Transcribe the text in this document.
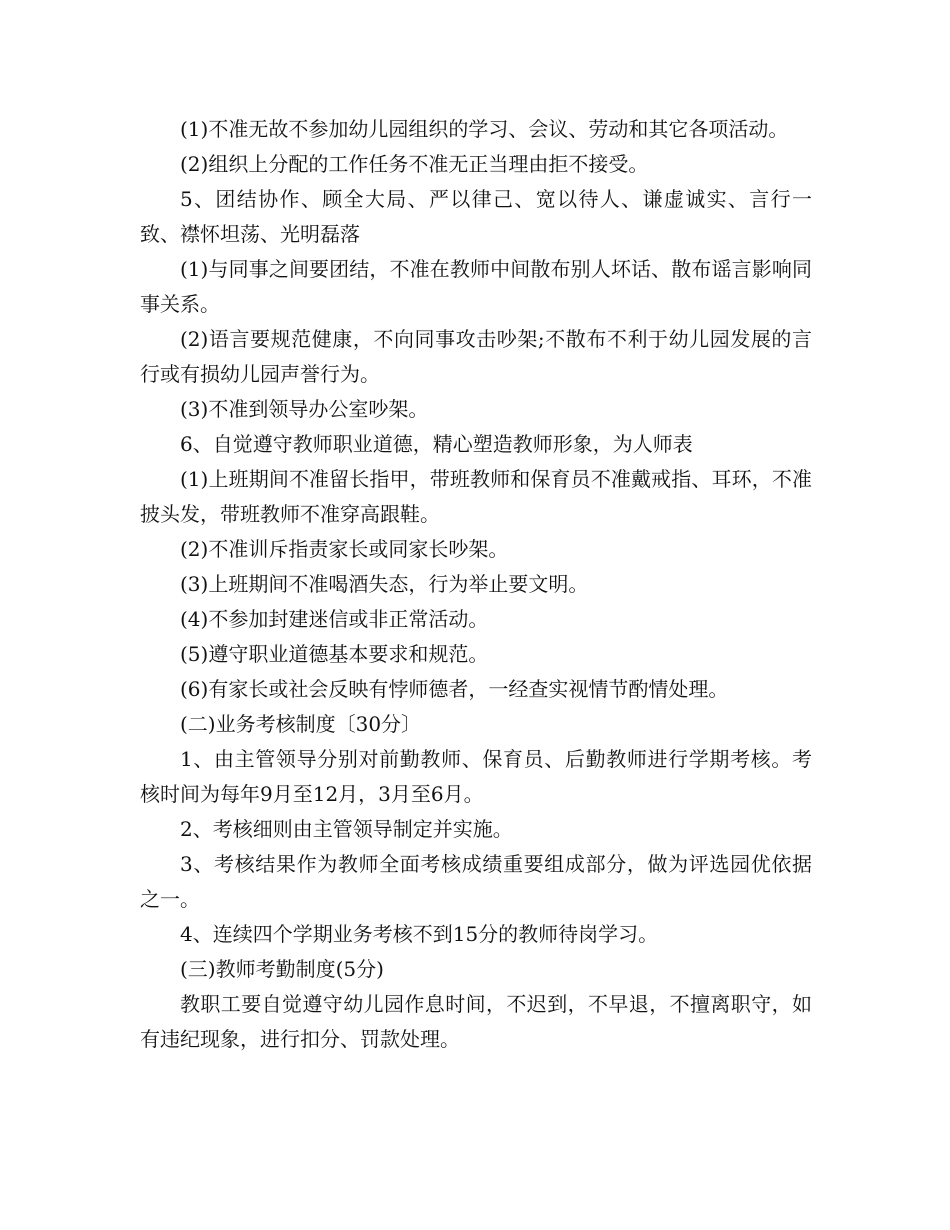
(1)不准无故不参加幼儿园组织的学习、会议、劳动和其它各项活动。

(2)组织上分配的工作任务不准无正当理由拒不接受。

5、团结协作、顾全大局、严以律己、宽以待人、谦虚诚实、言行一致、襟怀坦荡、光明磊落

(1)与同事之间要团结，不准在教师中间散布别人坏话、散布谣言影响同事关系。

(2)语言要规范健康，不向同事攻击吵架;不散布不利于幼儿园发展的言行或有损幼儿园声誉行为。

(3)不准到领导办公室吵架。

6、自觉遵守教师职业道德，精心塑造教师形象，为人师表

(1)上班期间不准留长指甲，带班教师和保育员不准戴戒指、耳环，不准披头发，带班教师不准穿高跟鞋。

(2)不准训斥指责家长或同家长吵架。

(3)上班期间不准喝酒失态，行为举止要文明。

(4)不参加封建迷信或非正常活动。

(5)遵守职业道德基本要求和规范。

(6)有家长或社会反映有悖师德者，一经查实视情节酌情处理。

(二)业务考核制度〔30分〕

1、由主管领导分别对前勤教师、保育员、后勤教师进行学期考核。考核时间为每年9月至12月，3月至6月。

2、考核细则由主管领导制定并实施。

3、考核结果作为教师全面考核成绩重要组成部分，做为评选园优依据之一。

4、连续四个学期业务考核不到15分的教师待岗学习。

(三)教师考勤制度(5分)

教职工要自觉遵守幼儿园作息时间，不迟到，不早退，不擅离职守，如有违纪现象，进行扣分、罚款处理。
